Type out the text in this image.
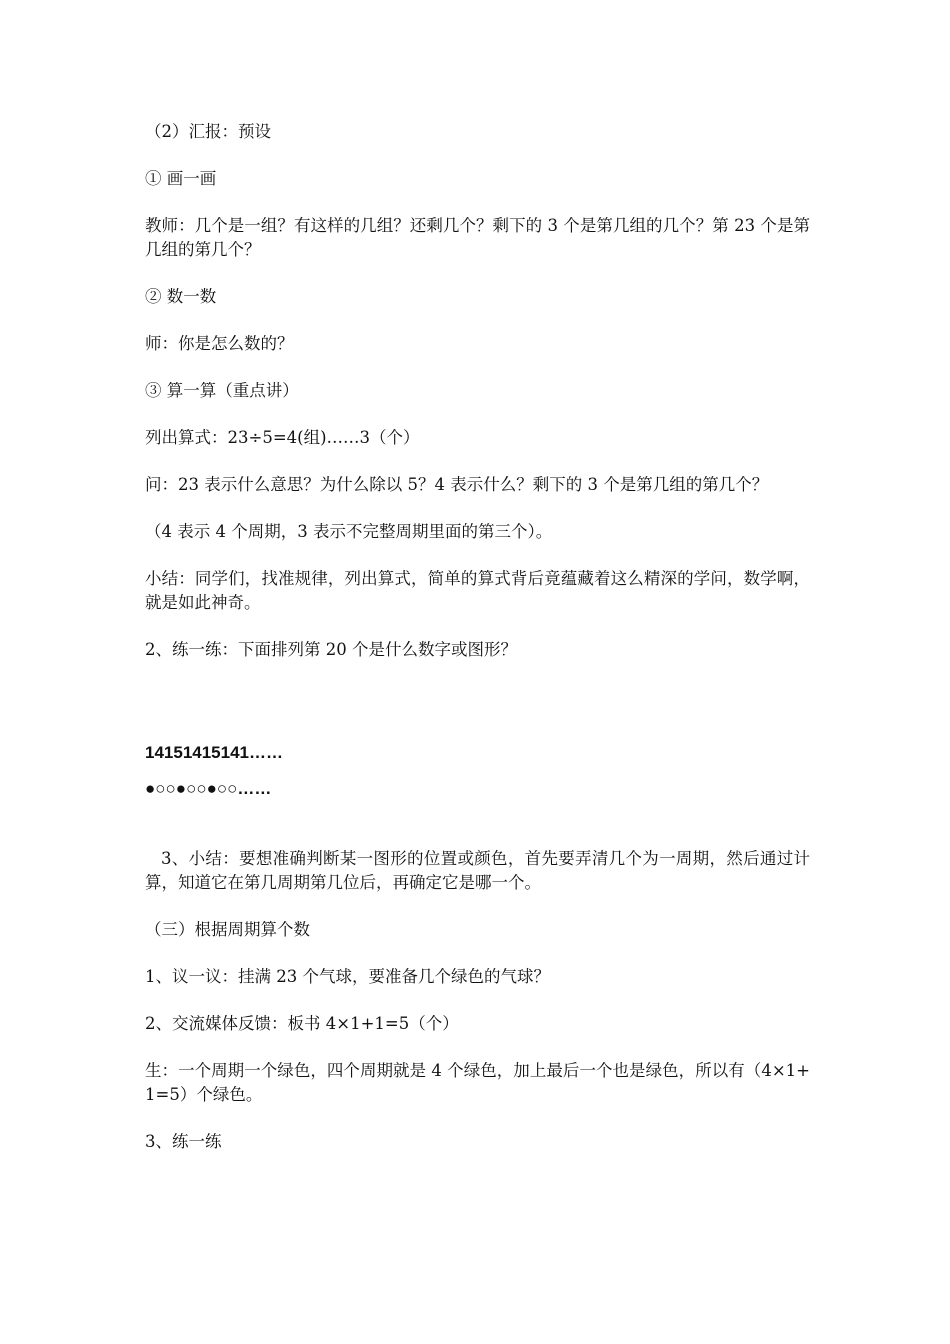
（2）汇报：预设

① 画一画

教师：几个是一组？有这样的几组？还剩几个？剩下的 3 个是第几组的几个？第 23 个是第几组的第几个？

② 数一数

师：你是怎么数的？

③ 算一算（重点讲）

列出算式：23÷5=4(组)……3（个）

问：23 表示什么意思？为什么除以 5？4 表示什么？剩下的 3 个是第几组的第几个？

（4 表示 4 个周期，3 表示不完整周期里面的第三个）。

小结：同学们，找准规律，列出算式，简单的算式背后竟蕴藏着这么精深的学问，数学啊，就是如此神奇。

2、练一练：下面排列第 20 个是什么数字或图形？

14151415141……

●○○●○○●○○……

3、小结：要想准确判断某一图形的位置或颜色，首先要弄清几个为一周期，然后通过计算，知道它在第几周期第几位后，再确定它是哪一个。

（三）根据周期算个数

1、议一议：挂满 23 个气球，要准备几个绿色的气球？

2、交流媒体反馈：板书 4×1+1=5（个）

生：一个周期一个绿色，四个周期就是 4 个绿色，加上最后一个也是绿色，所以有（4×1+1=5）个绿色。

3、练一练
